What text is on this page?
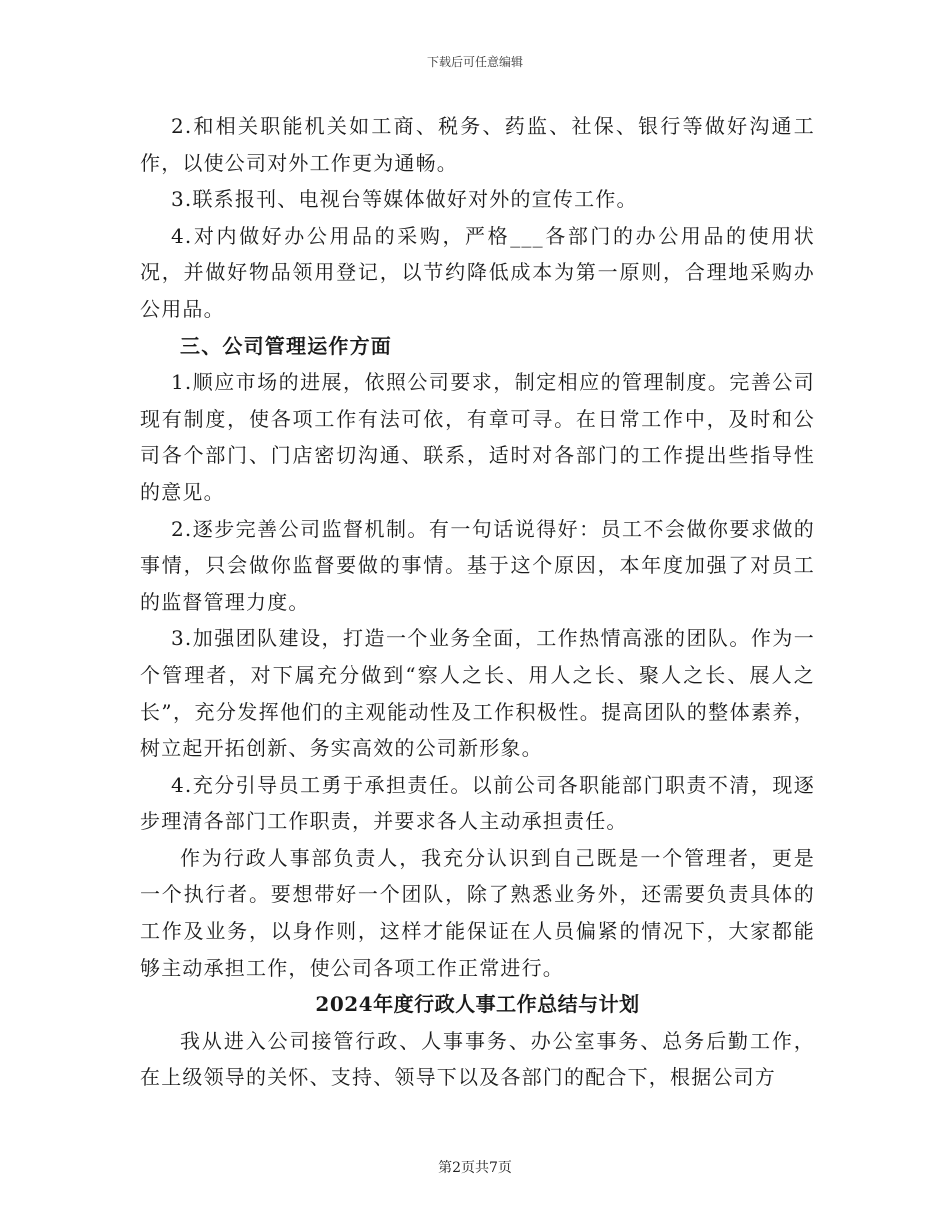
下载后可任意编辑

2.和相关职能机关如工商、税务、药监、社保、银行等做好沟通工作，以使公司对外工作更为通畅。

3.联系报刊、电视台等媒体做好对外的宣传工作。

4.对内做好办公用品的采购，严格___各部门的办公用品的使用状况，并做好物品领用登记，以节约降低成本为第一原则，合理地采购办公用品。

三、公司管理运作方面

1.顺应市场的进展，依照公司要求，制定相应的管理制度。完善公司现有制度，使各项工作有法可依，有章可寻。在日常工作中，及时和公司各个部门、门店密切沟通、联系，适时对各部门的工作提出些指导性的意见。

2.逐步完善公司监督机制。有一句话说得好：员工不会做你要求做的事情，只会做你监督要做的事情。基于这个原因，本年度加强了对员工的监督管理力度。

3.加强团队建设，打造一个业务全面，工作热情高涨的团队。作为一个管理者，对下属充分做到“察人之长、用人之长、聚人之长、展人之长”，充分发挥他们的主观能动性及工作积极性。提高团队的整体素养，树立起开拓创新、务实高效的公司新形象。

4.充分引导员工勇于承担责任。以前公司各职能部门职责不清，现逐步理清各部门工作职责，并要求各人主动承担责任。

作为行政人事部负责人，我充分认识到自己既是一个管理者，更是一个执行者。要想带好一个团队，除了熟悉业务外，还需要负责具体的工作及业务，以身作则，这样才能保证在人员偏紧的情况下，大家都能够主动承担工作，使公司各项工作正常进行。

2024年度行政人事工作总结与计划

我从进入公司接管行政、人事事务、办公室事务、总务后勤工作，在上级领导的关怀、支持、领导下以及各部门的配合下，根据公司方

第2页共7页
